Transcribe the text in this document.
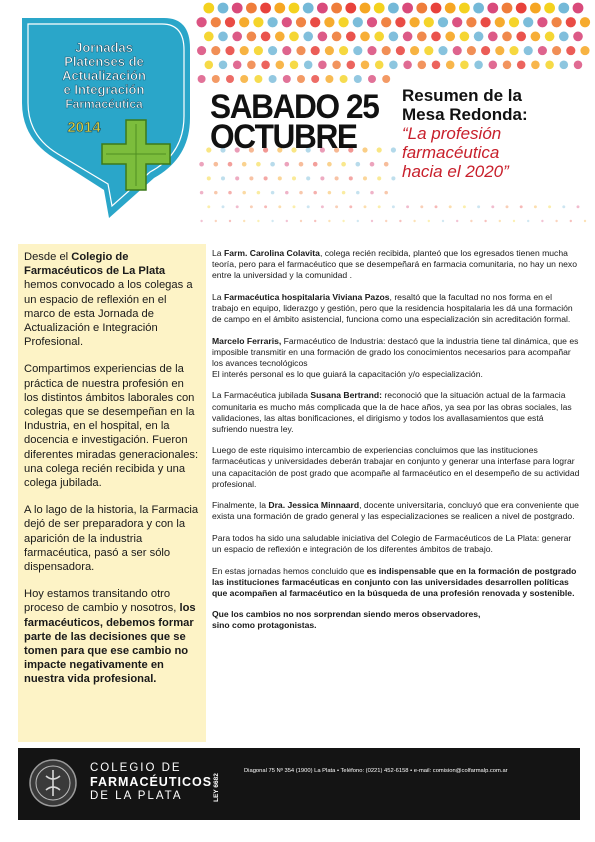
Jornadas
Platenses de
Actualización
e Integración
Farmacéutica
2014
SABADO 25
OCTUBRE
Resumen de la
Mesa Redonda:
“La profesión
farmacéutica
hacia el 2020”

Desde el Colegio de Farmacéuticos de La Plata hemos convocado a los colegas a un espacio de reflexión en el marco de esta Jornada de Actualización e Integración Profesional.

Compartimos experiencias de la práctica de nuestra profesión en los distintos ámbitos laborales con colegas que se desempeñan en la Industria, en el hospital, en la docencia e investigación. Fueron diferentes miradas generacionales: una colega recién recibida y una colega jubilada.

A lo lago de la historia, la Farmacia dejó de ser preparadora y con la aparición de la industria farmacéutica, pasó a ser sólo dispensadora.

Hoy estamos transitando otro proceso de cambio y nosotros, los farmacéuticos, debemos formar parte de las decisiones que se tomen para que ese cambio no impacte negativamente en nuestra vida profesional.

La Farm. Carolina Colavita, colega recién recibida, planteó que los egresados tienen mucha teoría, pero para el farmacéutico que se desempeñará en farmacia comunitaria, no hay un nexo entre la universidad y la comunidad .

La Farmacéutica hospitalaria Viviana Pazos, resaltó que la facultad no nos forma en el trabajo en equipo, liderazgo y gestión, pero que la residencia hospitalaria les dá una formación de campo en el ámbito asistencial, funciona como una especialización sin acreditación formal.

Marcelo Ferraris, Farmacéutico de Industria: destacó que la industria tiene tal dinámica, que es imposible transmitir en una formación de grado los conocimientos necesarios para acompañar los avances tecnológicos
El interés personal es lo que guiará la capacitación y/o especialización.

La Farmacéutica jubilada Susana Bertrand: reconoció que la situación actual de la farmacia comunitaria es mucho más complicada que la de hace años, ya sea por las obras sociales, las validaciones, las altas bonificaciones, el dirigismo y todos los avallasamientos que está sufriendo nuestra ley.

Luego de este riquisimo intercambio de experiencias concluimos que las instituciones farmacéuticas y universidades deberán trabajar en conjunto y generar una interfase para lograr una capacitación de post grado que acompañe al farmacéutico en el desempeño de su actividad profesional.

Finalmente, la Dra. Jessica Minnaard, docente universitaria, concluyó que era conveniente que exista una formación de grado general y las especializaciones se realicen a nivel de postgrado.

Para todos ha sido una saludable iniciativa del Colegio de Farmacéuticos de La Plata: generar un espacio de reflexión e integración de los diferentes ámbitos de trabajo.

En estas jornadas hemos concluido que es indispensable que en la formación de postgrado las instituciones farmacéuticas en conjunto con las universidades desarrollen políticas que acompañen al farmacéutico en la búsqueda de una profesión renovada y sostenible.

Que los cambios no nos sorprendan siendo meros observadores,
sino como protagonistas.

COLEGIO DE
FARMACÉUTICOS
DE LA PLATA	LEY 6682
Diagonal 75 Nº 354 (1900) La Plata • Teléfono: (0221) 452-6158 • e-mail: comision@colfarmalp.com.ar
